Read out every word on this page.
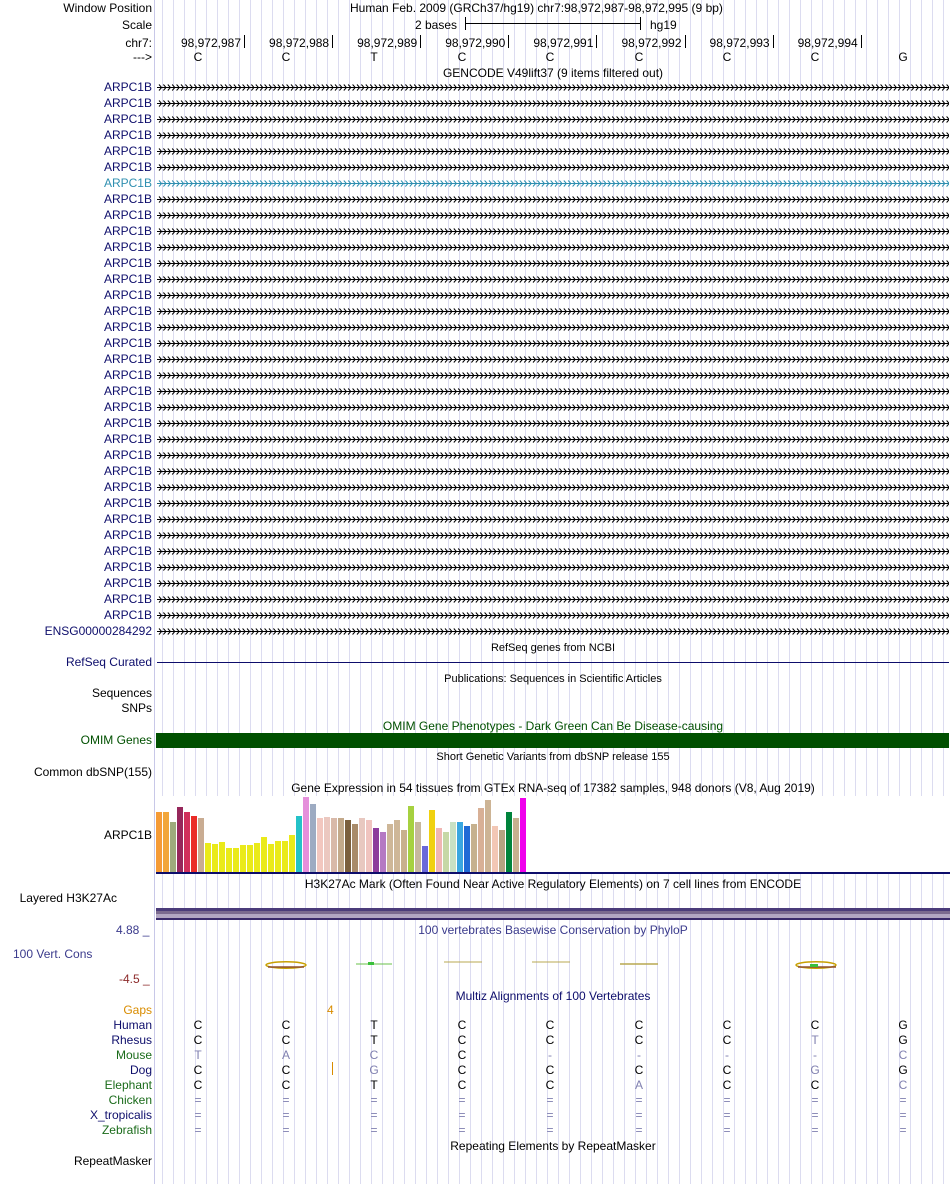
Window Position	Human Feb. 2009 (GRCh37/hg19) chr7:98,972,987-98,972,995 (9 bp)
Scale	2 bases	hg19
chr7:	98,972,987	98,972,988	98,972,989	98,972,990	98,972,991	98,972,992	98,972,993	98,972,994
--->	C	C	T	C	C	C	C	C	G
GENCODE V49lift37 (9 items filtered out)
ARPC1B
ARPC1B
ARPC1B
ARPC1B
ARPC1B
ARPC1B
ARPC1B
ARPC1B
ARPC1B
ARPC1B
ARPC1B
ARPC1B
ARPC1B
ARPC1B
ARPC1B
ARPC1B
ARPC1B
ARPC1B
ARPC1B
ARPC1B
ARPC1B
ARPC1B
ARPC1B
ARPC1B
ARPC1B
ARPC1B
ARPC1B
ARPC1B
ARPC1B
ARPC1B
ARPC1B
ARPC1B
ARPC1B
ARPC1B
ENSG00000284292
RefSeq genes from NCBI
RefSeq Curated
Publications: Sequences in Scientific Articles
Sequences
SNPs
OMIM Gene Phenotypes - Dark Green Can Be Disease-causing
OMIM Genes
Short Genetic Variants from dbSNP release 155
Common dbSNP(155)
Gene Expression in 54 tissues from GTEx RNA-seq of 17382 samples, 948 donors (V8, Aug 2019)
ARPC1B
H3K27Ac Mark (Often Found Near Active Regulatory Elements) on 7 cell lines from ENCODE
Layered H3K27Ac
100 vertebrates Basewise Conservation by PhyloP
4.88 _
100 Vert. Cons
-4.5 _
Multiz Alignments of 100 Vertebrates
Gaps	4
Human	C	C	T	C	C	C	C	C	G
Rhesus	C	C	T	C	C	C	C	T	G
Mouse	T	A	C	C	-	-	-	-	C
Dog	C	C	G	C	C	C	C	G	G
Elephant	C	C	T	C	C	A	C	C	C
Chicken	=	=	=	=	=	=	=	=	=
X_tropicalis	=	=	=	=	=	=	=	=	=
Zebrafish	=	=	=	=	=	=	=	=	=
Repeating Elements by RepeatMasker
RepeatMasker
